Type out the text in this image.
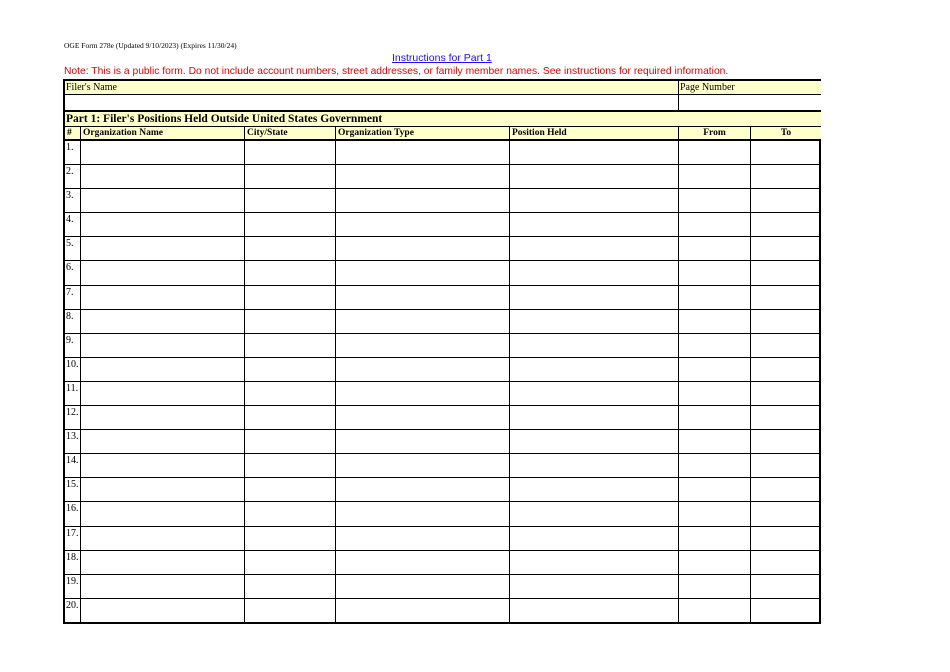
OGE Form 278e (Updated 9/10/2023) (Expires 11/30/24)
Instructions for Part 1
Note: This is a public form. Do not include account numbers, street addresses, or family member names. See instructions for required information.
Filer's Name	Page Number
Part 1: Filer's Positions Held Outside United States Government
#	Organization Name	City/State	Organization Type	Position Held	From	To
1.
2.
3.
4.
5.
6.
7.
8.
9.
10.
11.
12.
13.
14.
15.
16.
17.
18.
19.
20.
